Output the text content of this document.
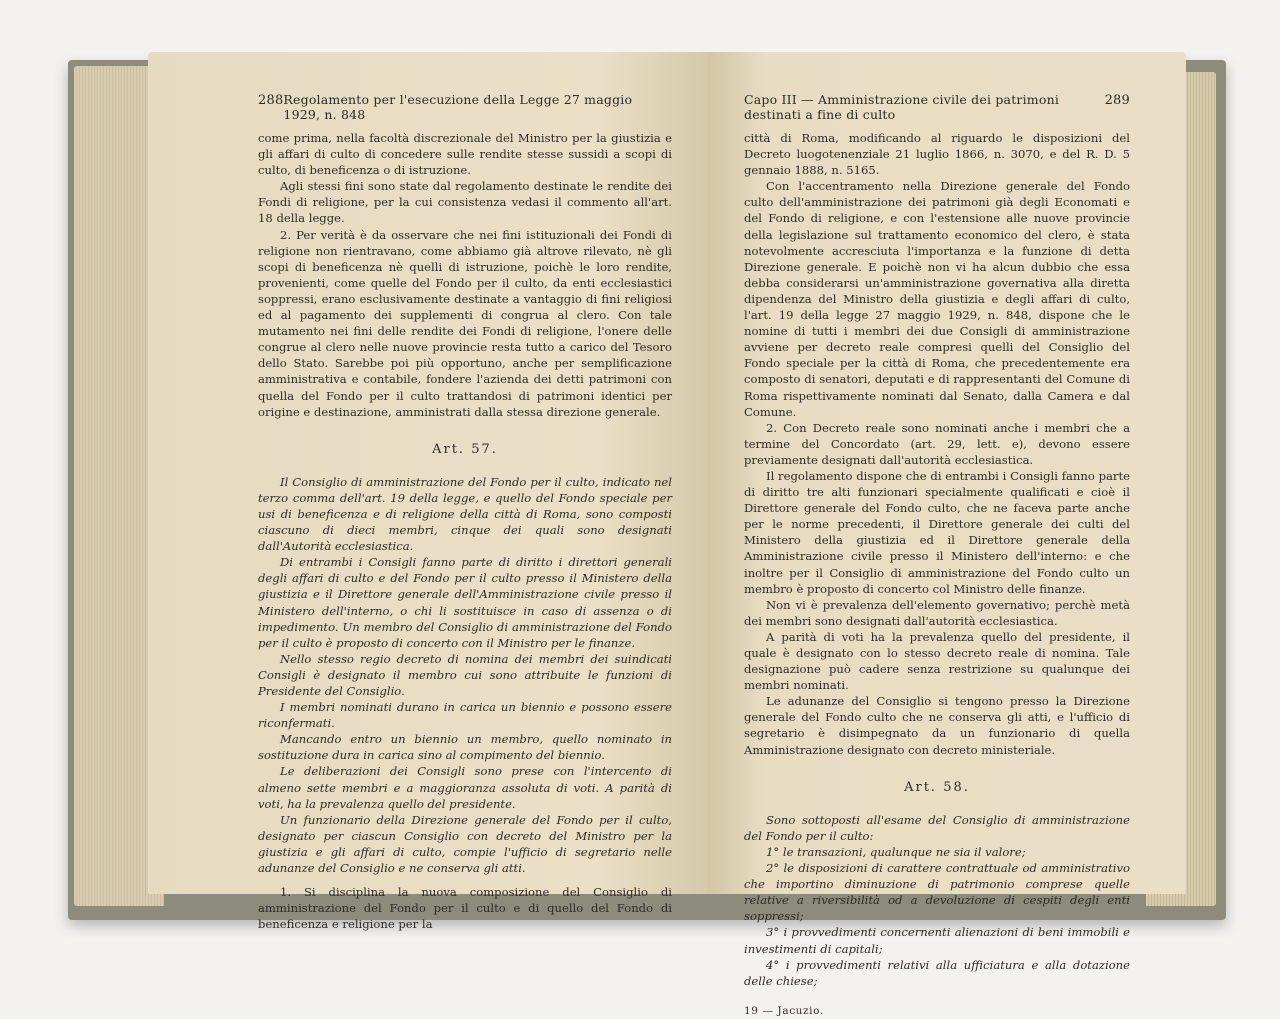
288 Regolamento per l'esecuzione della Legge 27 maggio 1929, n. 848

come prima, nella facoltà discrezionale del Ministro per la giustizia e gli affari di culto di concedere sulle rendite stesse sussidi a scopi di culto, di beneficenza o di istruzione.

Agli stessi fini sono state dal regolamento destinate le rendite dei Fondi di religione, per la cui consistenza vedasi il commento all'art. 18 della legge.

2. Per verità è da osservare che nei fini istituzionali dei Fondi di religione non rientravano, come abbiamo già altrove rilevato, nè gli scopi di beneficenza nè quelli di istruzione, poichè le loro rendite, provenienti, come quelle del Fondo per il culto, da enti ecclesiastici soppressi, erano esclusivamente destinate a vantaggio di fini religiosi ed al pagamento dei supplementi di congrua al clero. Con tale mutamento nei fini delle rendite dei Fondi di religione, l'onere delle congrue al clero nelle nuove provincie resta tutto a carico del Tesoro dello Stato. Sarebbe poi più opportuno, anche per semplificazione amministrativa e contabile, fondere l'azienda dei detti patrimoni con quella del Fondo per il culto trattandosi di patrimoni identici per origine e destinazione, amministrati dalla stessa direzione generale.

Art. 57.

Il Consiglio di amministrazione del Fondo per il culto, indicato nel terzo comma dell'art. 19 della legge, e quello del Fondo speciale per usi di beneficenza e di religione della città di Roma, sono composti ciascuno di dieci membri, cinque dei quali sono designati dall'Autorità ecclesiastica.

Di entrambi i Consigli fanno parte di diritto i direttori generali degli affari di culto e del Fondo per il culto presso il Ministero della giustizia e il Direttore generale dell'Amministrazione civile presso il Ministero dell'interno, o chi li sostituisce in caso di assenza o di impedimento. Un membro del Consiglio di amministrazione del Fondo per il culto è proposto di concerto con il Ministro per le finanze.

Nello stesso regio decreto di nomina dei membri dei suindicati Consigli è designato il membro cui sono attribuite le funzioni di Presidente del Consiglio.

I membri nominati durano in carica un biennio e possono essere riconfermati.

Mancando entro un biennio un membro, quello nominato in sostituzione dura in carica sino al compimento del biennio.

Le deliberazioni dei Consigli sono prese con l'intercento di almeno sette membri e a maggioranza assoluta di voti. A parità di voti, ha la prevalenza quello del presidente.

Un funzionario della Direzione generale del Fondo per il culto, designato per ciascun Consiglio con decreto del Ministro per la giustizia e gli affari di culto, compie l'ufficio di segretario nelle adunanze del Consiglio e ne conserva gli atti.

1. Si disciplina la nuova composizione del Consiglio di amministrazione del Fondo per il culto e di quello del Fondo di beneficenza e religione per la

Capo III — Amministrazione civile dei patrimoni destinati a fine di culto
289

città di Roma, modificando al riguardo le disposizioni del Decreto luogotenenziale 21 luglio 1866, n. 3070, e del R. D. 5 gennaio 1888, n. 5165.

Con l'accentramento nella Direzione generale del Fondo culto dell'amministrazione dei patrimoni già degli Economati e del Fondo di religione, e con l'estensione alle nuove provincie della legislazione sul trattamento economico del clero, è stata notevolmente accresciuta l'importanza e la funzione di detta Direzione generale. E poichè non vi ha alcun dubbio che essa debba considerarsi un'amministrazione governativa alla diretta dipendenza del Ministro della giustizia e degli affari di culto, l'art. 19 della legge 27 maggio 1929, n. 848, dispone che le nomine di tutti i membri dei due Consigli di amministrazione avviene per decreto reale compresi quelli del Consiglio del Fondo speciale per la città di Roma, che precedentemente era composto di senatori, deputati e di rappresentanti del Comune di Roma rispettivamente nominati dal Senato, dalla Camera e dal Comune.

2. Con Decreto reale sono nominati anche i membri che a termine del Concordato (art. 29, lett. e), devono essere previamente designati dall'autorità ecclesiastica.

Il regolamento dispone che di entrambi i Consigli fanno parte di diritto tre alti funzionari specialmente qualificati e cioè il Direttore generale del Fondo culto, che ne faceva parte anche per le norme precedenti, il Direttore generale dei culti del Ministero della giustizia ed il Direttore generale della Amministrazione civile presso il Ministero dell'interno: e che inoltre per il Consiglio di amministrazione del Fondo culto un membro è proposto di concerto col Ministro delle finanze.

Non vi è prevalenza dell'elemento governativo; perchè metà dei membri sono designati dall'autorità ecclesiastica.

A parità di voti ha la prevalenza quello del presidente, il quale è designato con lo stesso decreto reale di nomina. Tale designazione può cadere senza restrizione su qualunque dei membri nominati.

Le adunanze del Consiglio si tengono presso la Direzione generale del Fondo culto che ne conserva gli atti, e l'ufficio di segretario è disimpegnato da un funzionario di quella Amministrazione designato con decreto ministeriale.

Art. 58.

Sono sottoposti all'esame del Consiglio di amministrazione del Fondo per il culto:

1° le transazioni, qualunque ne sia il valore;

2° le disposizioni di carattere contrattuale od amministrativo che importino diminuzione di patrimonio comprese quelle relative a riversibilità od a devoluzione di cespiti degli enti soppressi;

3° i provvedimenti concernenti alienazioni di beni immobili e investimenti di capitali;

4° i provvedimenti relativi alla ufficiatura e alla dotazione delle chiese;

19 — Jacuzio.
